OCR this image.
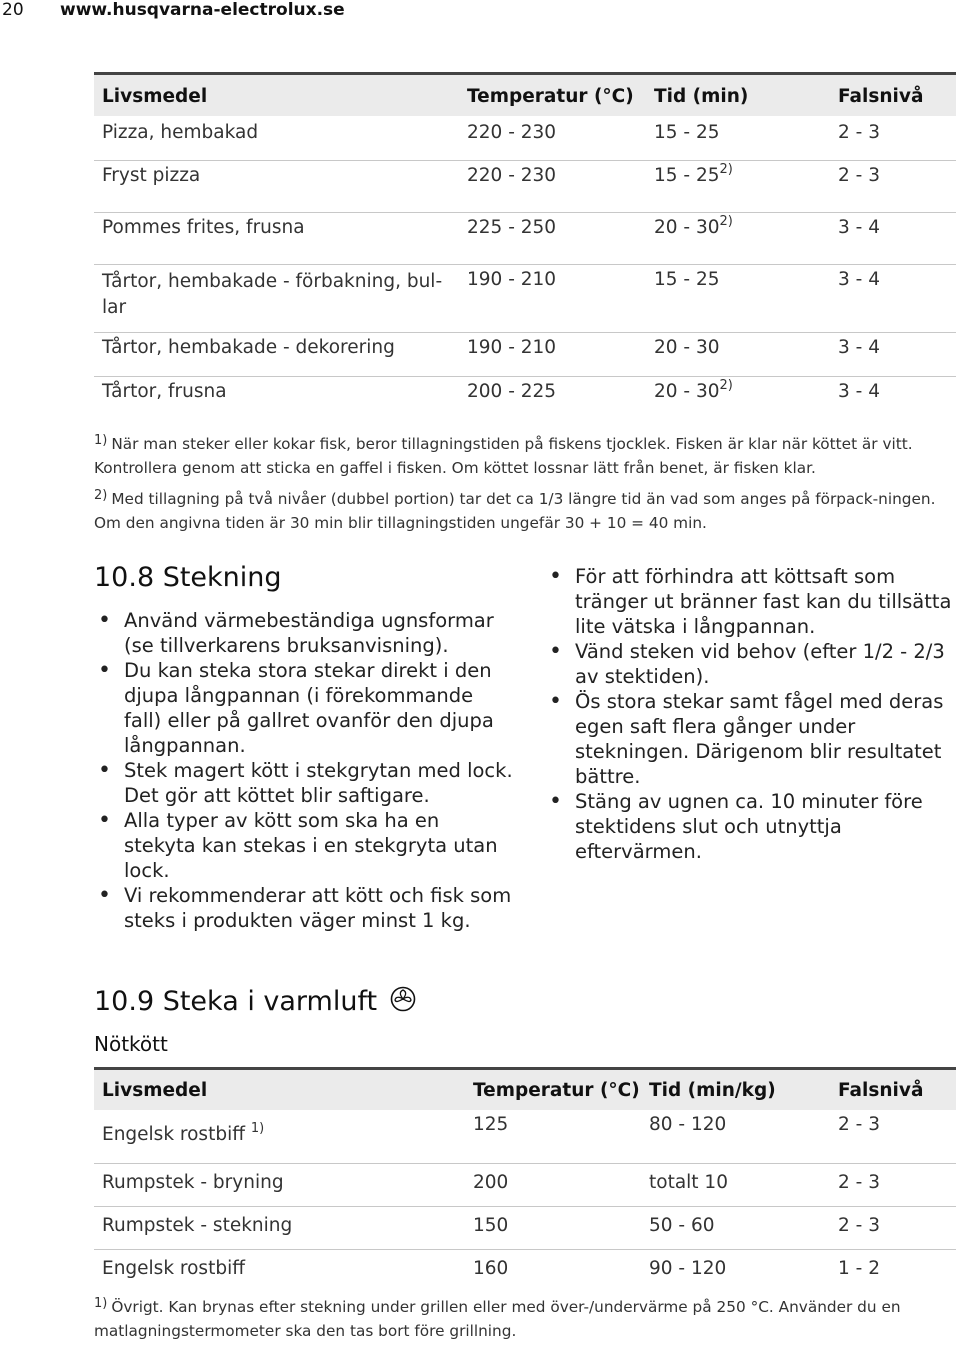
20 www.husqvarna-electrolux.se
Livsmedel	Temperatur (°C)	Tid (min)	Falsnivå
Pizza, hembakad	220 - 230	15 - 25	2 - 3
Fryst pizza	220 - 230	15 - 25$^{2)}$	2 - 3
Pommes frites, frusna	225 - 250	20 - 30$^{2)}$	3 - 4
Tårtor, hembakade - förbakning, bul-lar	190 - 210	15 - 25	3 - 4
Tårtor, hembakade - dekorering	190 - 210	20 - 30	3 - 4
Tårtor, frusna	200 - 225	20 - 30$^{2)}$	3 - 4

$^{1)}$ När man steker eller kokar fisk, beror tillagningstiden på fiskens tjocklek. Fisken är klar när köttet är vitt. Kontrollera genom att sticka en gaffel i fisken. Om köttet lossnar lätt från benet, är fisken klar.

$^{2)}$ Med tillagning på två nivåer (dubbel portion) tar det ca 1/3 längre tid än vad som anges på förpack-ningen. Om den angivna tiden är 30 min blir tillagningstiden ungefär 30 + 10 = 40 min.

10.8 Stekning
• Använd värmebeständiga ugnsformar (se tillverkarens bruksanvisning).
• Du kan steka stora stekar direkt i den djupa långpannan (i förekommande fall) eller på gallret ovanför den djupa långpannan.
• Stek magert kött i stekgrytan med lock. Det gör att köttet blir saftigare.
• Alla typer av kött som ska ha en stekyta kan stekas i en stekgryta utan lock.
• Vi rekommenderar att kött och fisk som steks i produkten väger minst 1 kg.
• För att förhindra att köttsaft som tränger ut bränner fast kan du tillsätta lite vätska i långpannan.
• Vänd steken vid behov (efter 1/2 - 2/3 av stektiden).
• Ös stora stekar samt fågel med deras egen saft flera gånger under stekningen. Därigenom blir resultatet bättre.
• Stäng av ugnen ca. 10 minuter före stektidens slut och utnyttja eftervärmen.
10.9 Steka i varmluft
Nötkött
Livsmedel	Temperatur (°C)	Tid (min/kg)	Falsnivå
Engelsk rostbiff $^{1)}$	125	80 - 120	2 - 3
Rumpstek - bryning	200	totalt 10	2 - 3
Rumpstek - stekning	150	50 - 60	2 - 3
Engelsk rostbiff	160	90 - 120	1 - 2

$^{1)}$ Övrigt. Kan brynas efter stekning under grillen eller med över-/undervärme på 250 °C. Använder du en matlagningstermometer ska den tas bort före grillning.
